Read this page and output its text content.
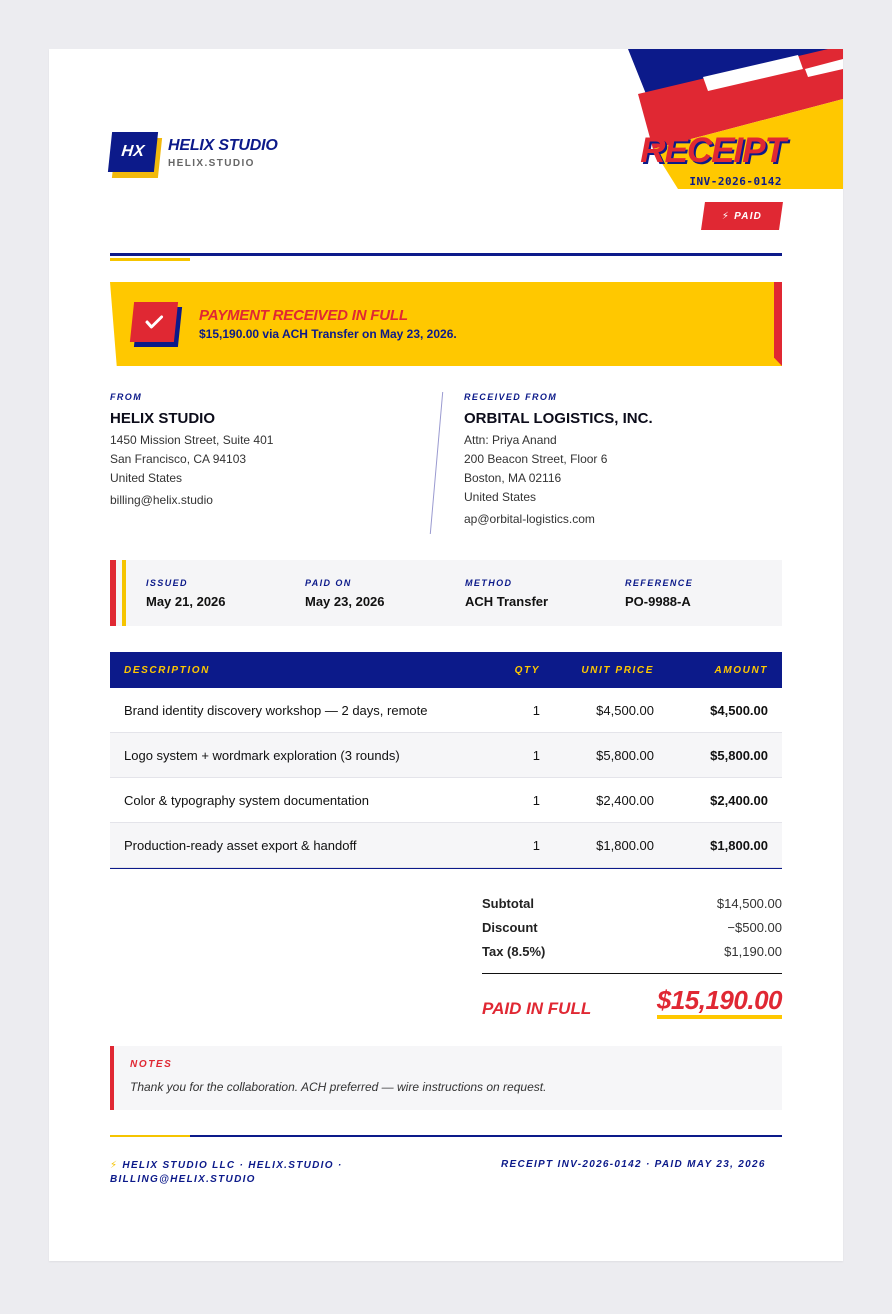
HX HELIX STUDIO
HELIX.STUDIO	RECEIPT
INV-2026-0142
⚡ PAID
PAYMENT RECEIVED IN FULL
$15,190.00 via ACH Transfer on May 23, 2026.
FROM
HELIX STUDIO
1450 Mission Street, Suite 401
San Francisco, CA 94103
United States
billing@helix.studio
RECEIVED FROM
ORBITAL LOGISTICS, INC.
Attn: Priya Anand
200 Beacon Street, Floor 6
Boston, MA 02116
United States
ap@orbital-logistics.com
ISSUED
May 21, 2026
PAID ON
May 23, 2026
METHOD
ACH Transfer
REFERENCE
PO-9988-A
DESCRIPTION	QTY	UNIT PRICE	AMOUNT
Brand identity discovery workshop — 2 days, remote	1	$4,500.00	$4,500.00
Logo system + wordmark exploration (3 rounds)	1	$5,800.00	$5,800.00
Color & typography system documentation	1	$2,400.00	$2,400.00
Production-ready asset export & handoff	1	$1,800.00	$1,800.00
Subtotal	$14,500.00
Discount	−$500.00
Tax (8.5%)	$1,190.00
PAID IN FULL	$15,190.00
NOTES
Thank you for the collaboration. ACH preferred — wire instructions on request.
⚡ HELIX STUDIO LLC · HELIX.STUDIO · BILLING@HELIX.STUDIO
RECEIPT INV-2026-0142 · PAID MAY 23, 2026
